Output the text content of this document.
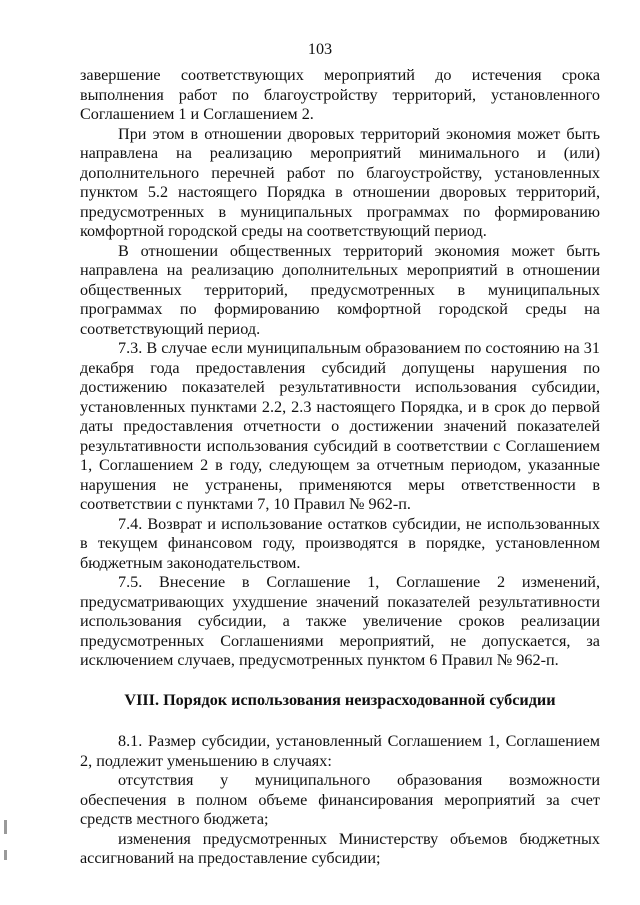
103

завершение соответствующих мероприятий до истечения срока выполнения работ по благоустройству территорий, установленного Соглашением 1 и Соглашением 2.

При этом в отношении дворовых территорий экономия может быть направлена на реализацию мероприятий минимального и (или) дополнительного перечней работ по благоустройству, установленных пунктом 5.2 настоящего Порядка в отношении дворовых территорий, предусмотренных в муниципальных программах по формированию комфортной городской среды на соответствующий период.

В отношении общественных территорий экономия может быть направлена на реализацию дополнительных мероприятий в отношении общественных территорий, предусмотренных в муниципальных программах по формированию комфортной городской среды на соответствующий период.

7.3. В случае если муниципальным образованием по состоянию на 31 декабря года предоставления субсидий допущены нарушения по достижению показателей результативности использования субсидии, установленных пунктами 2.2, 2.3 настоящего Порядка, и в срок до первой даты предоставления отчетности о достижении значений показателей результативности использования субсидий в соответствии с Соглашением 1, Соглашением 2 в году, следующем за отчетным периодом, указанные нарушения не устранены, применяются меры ответственности в соответствии с пунктами 7, 10 Правил № 962-п.

7.4. Возврат и использование остатков субсидии, не использованных в текущем финансовом году, производятся в порядке, установленном бюджетным законодательством.

7.5. Внесение в Соглашение 1, Соглашение 2 изменений, предусматривающих ухудшение значений показателей результативности использования субсидии, а также увеличение сроков реализации предусмотренных Соглашениями мероприятий, не допускается, за исключением случаев, предусмотренных пунктом 6 Правил № 962-п.

VIII. Порядок использования неизрасходованной субсидии

8.1. Размер субсидии, установленный Соглашением 1, Соглашением 2, подлежит уменьшению в случаях:

отсутствия у муниципального образования возможности обеспечения в полном объеме финансирования мероприятий за счет средств местного бюджета;

изменения предусмотренных Министерству объемов бюджетных ассигнований на предоставление субсидии;
